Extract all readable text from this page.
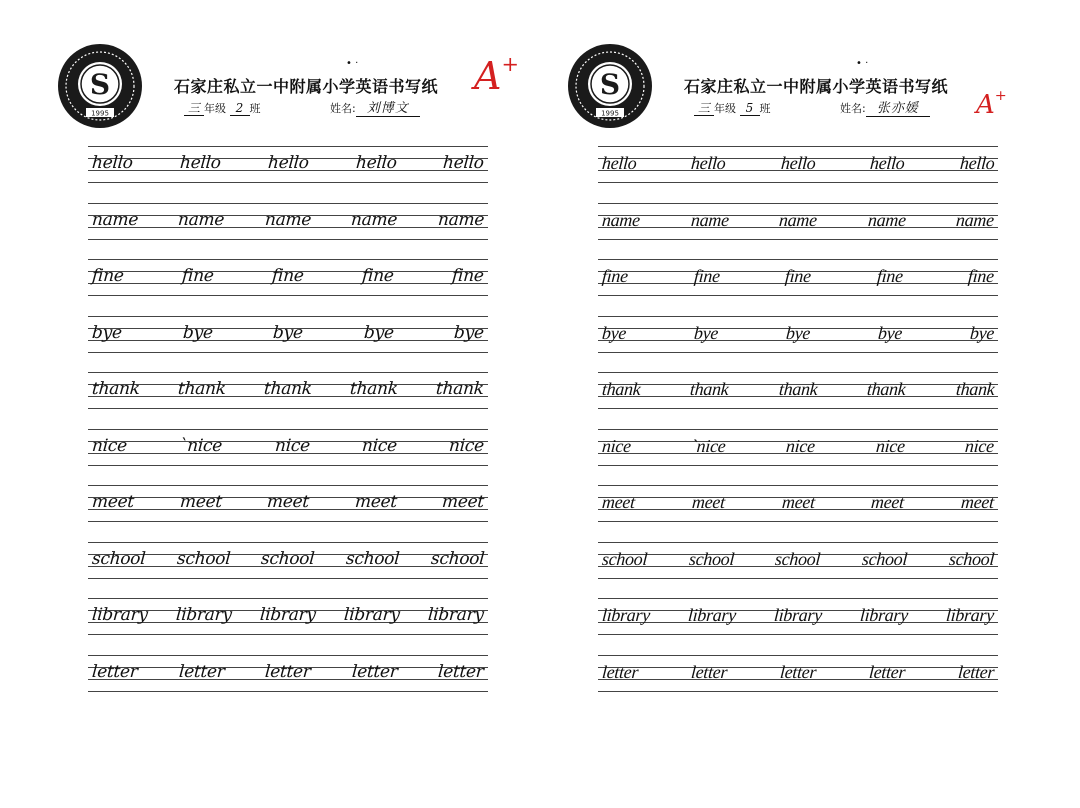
S
1995
• ·
石家庄私立一中附属小学英语书写纸
三 年级 2 班	姓名: 刘博文
A+
hello	hello	hello	hello	hello
name name name name name
fine	fine	fine	fine	fine
bye	bye	bye	bye	bye
thank thank thank thank thank
nice	`nice	nice	nice	nice
meet	meet	meet	meet	meet
school school school school school
library library library library library
letter letter letter letter letter
S
1995
• ·
石家庄私立一中附属小学英语书写纸
三 年级 5 班	姓名: 张亦媛	A+
hello	hello	hello	hello	hello
name	name	name	name	name
fine	fine	fine	fine	fine
bye	bye	bye	bye	bye
thank	thank	thank	thank	thank
nice	`nice	nice	nice	nice
meet	meet	meet	meet	meet
school school school school school
library library library library library
letter	letter	letter	letter	letter
